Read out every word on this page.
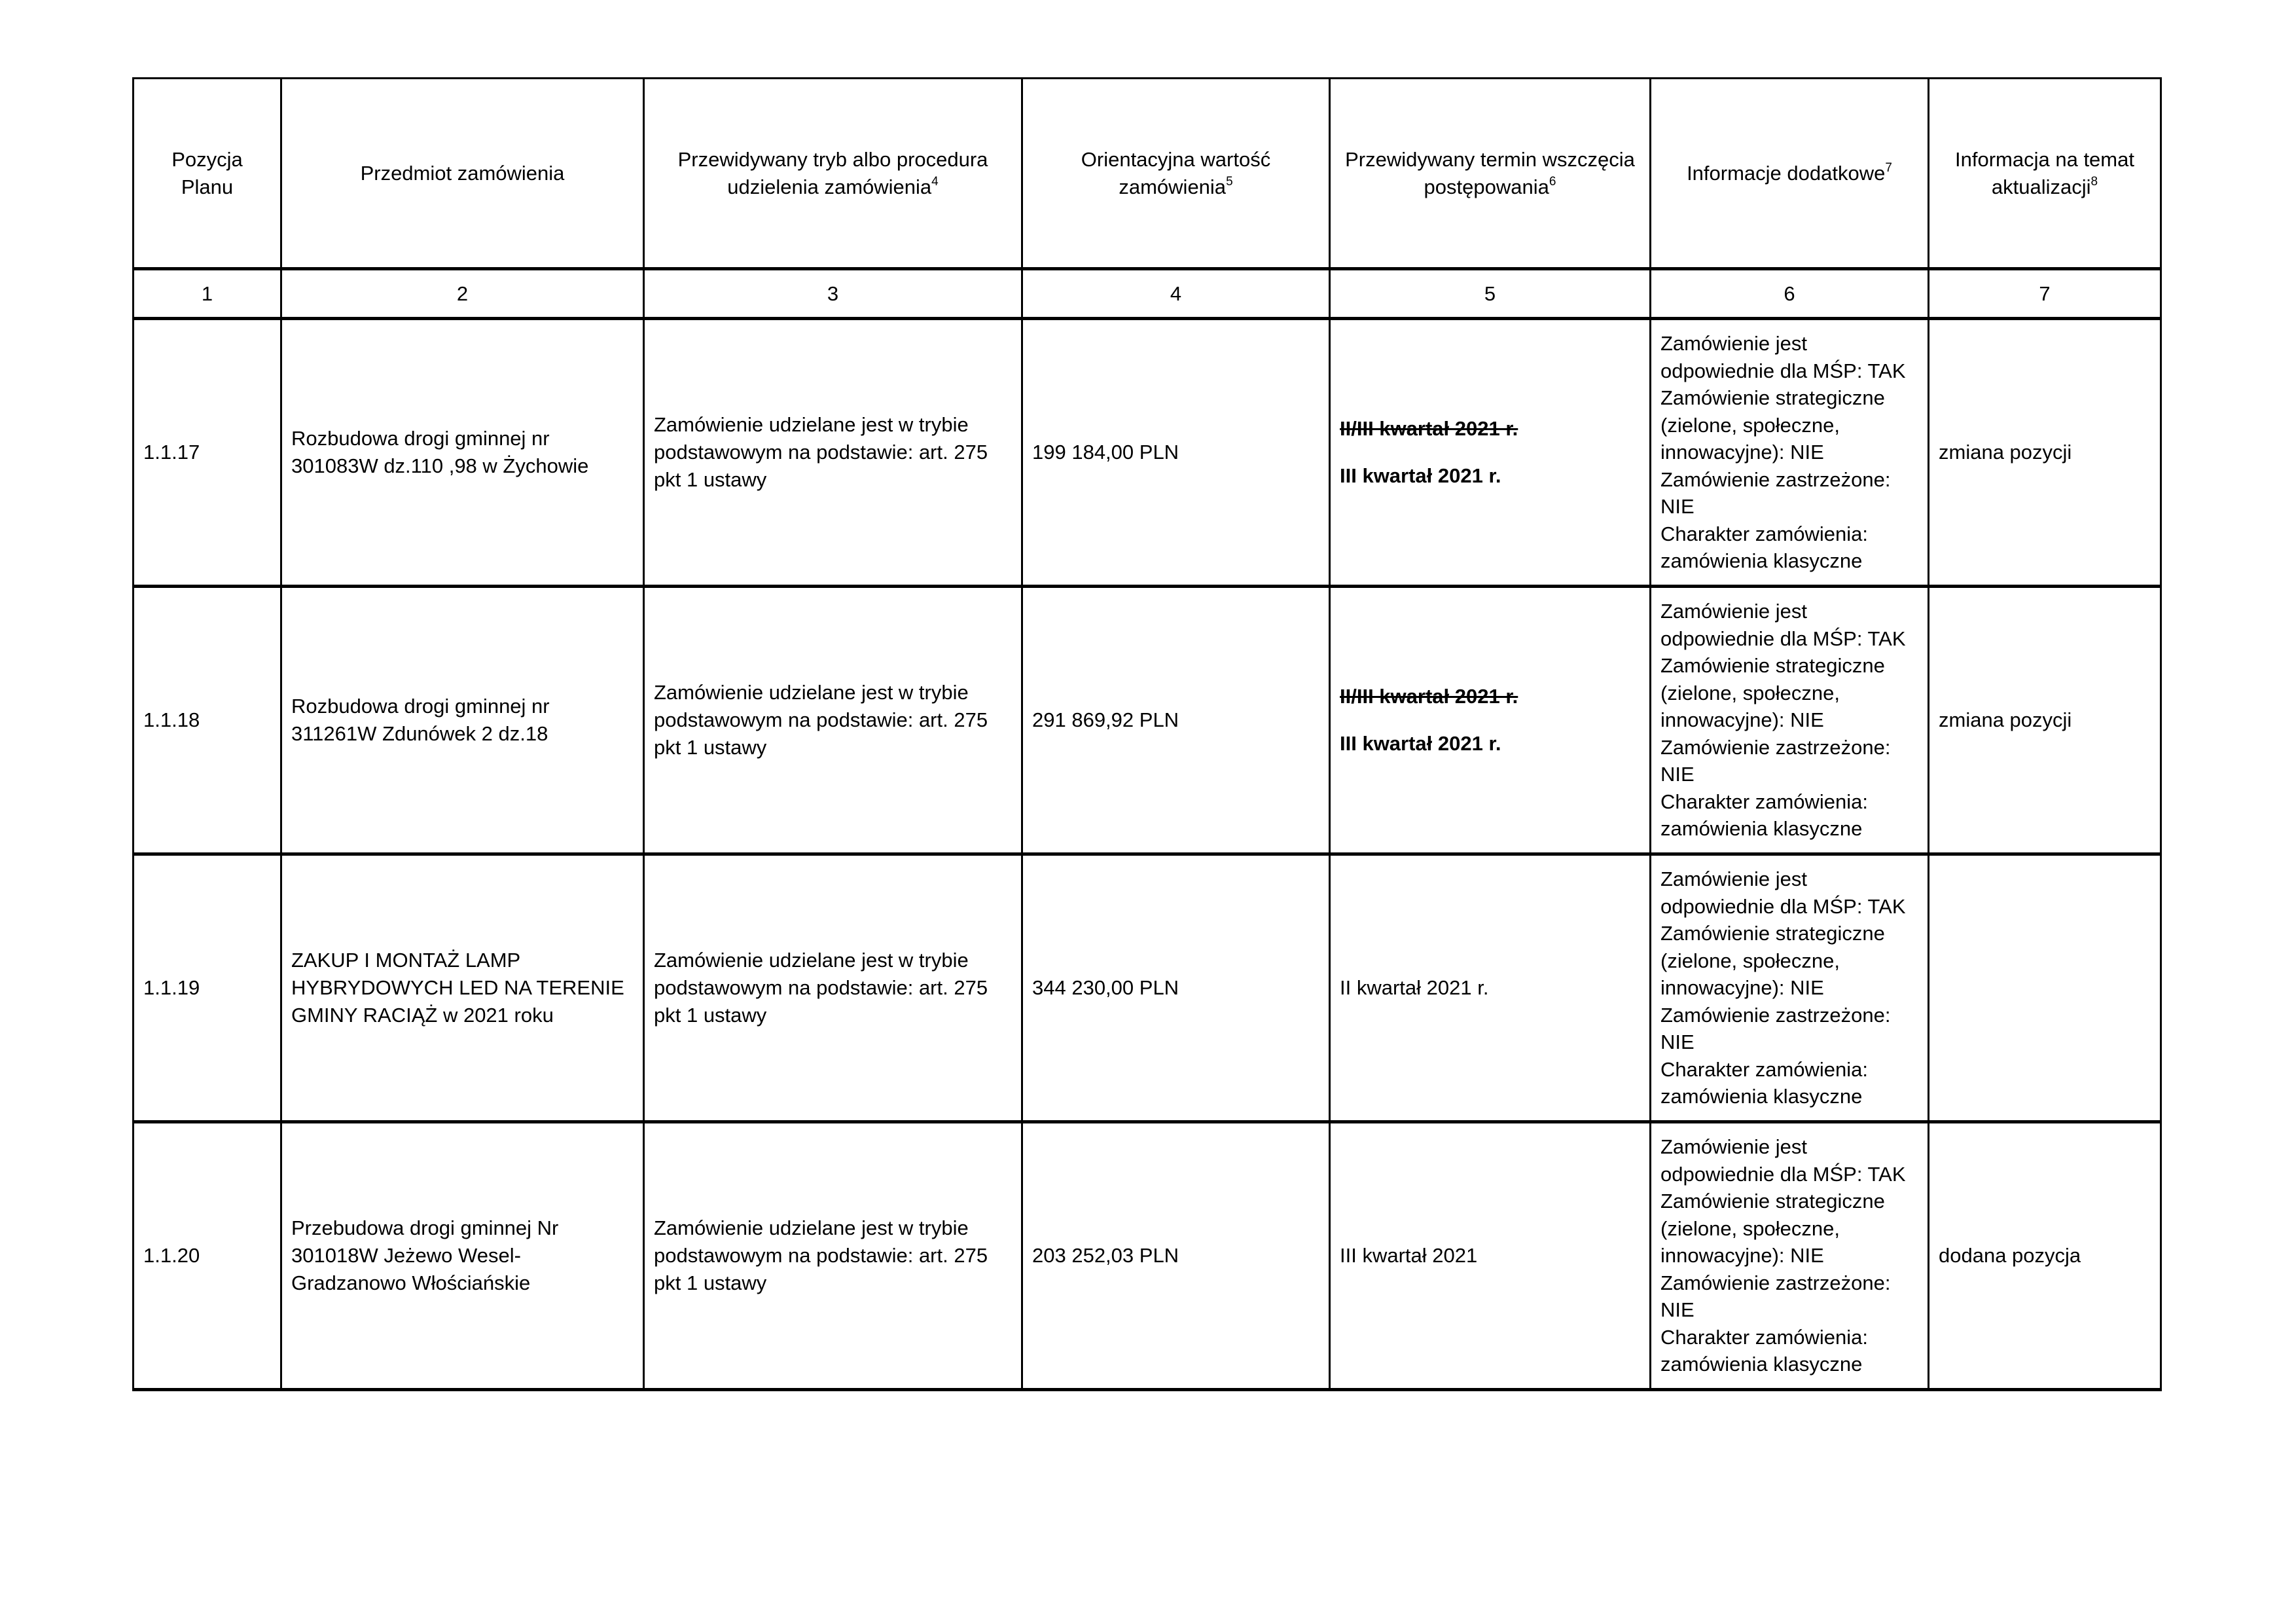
Pozycja Planu	Przedmiot zamówienia	Przewidywany tryb albo procedura udzielenia zamówienia$^4$	Orientacyjna wartość zamówienia$^5$	Przewidywany termin wszczęcia postępowania$^6$	Informacje dodatkowe$^7$	Informacja na temat aktualizacji$^8$
1	2	3	4	5	6	7
1.1.17	Rozbudowa drogi gminnej nr 301083W dz.110 ,98 w Żychowie	Zamówienie udzielane jest w trybie podstawowym na podstawie: art. 275 pkt 1 ustawy	199 184,00 PLN	II/III kwartał 2021 r.
III kwartał 2021 r.	Zamówienie jest odpowiednie dla MŚP: TAK
Zamówienie strategiczne (zielone, społeczne, innowacyjne): NIE
Zamówienie zastrzeżone: NIE
Charakter zamówienia: zamówienia klasyczne	zmiana pozycji
1.1.18	Rozbudowa drogi gminnej nr 311261W Zdunówek 2 dz.18	Zamówienie udzielane jest w trybie podstawowym na podstawie: art. 275 pkt 1 ustawy	291 869,92 PLN	II/III kwartał 2021 r.
III kwartał 2021 r.	Zamówienie jest odpowiednie dla MŚP: TAK
Zamówienie strategiczne (zielone, społeczne, innowacyjne): NIE
Zamówienie zastrzeżone: NIE
Charakter zamówienia: zamówienia klasyczne	zmiana pozycji
1.1.19	ZAKUP I MONTAŻ LAMP HYBRYDOWYCH LED NA TERENIE GMINY RACIĄŻ w 2021 roku	Zamówienie udzielane jest w trybie podstawowym na podstawie: art. 275 pkt 1 ustawy	344 230,00 PLN	II kwartał 2021 r.	Zamówienie jest odpowiednie dla MŚP: TAK
Zamówienie strategiczne (zielone, społeczne, innowacyjne): NIE
Zamówienie zastrzeżone: NIE
Charakter zamówienia: zamówienia klasyczne	

1.1.20	Przebudowa drogi gminnej Nr 301018W Jeżewo Wesel-Gradzanowo Włościańskie	Zamówienie udzielane jest w trybie podstawowym na podstawie: art. 275 pkt 1 ustawy	203 252,03 PLN	III kwartał 2021	Zamówienie jest odpowiednie dla MŚP: TAK
Zamówienie strategiczne (zielone, społeczne, innowacyjne): NIE
Zamówienie zastrzeżone: NIE
Charakter zamówienia: zamówienia klasyczne	dodana pozycja
